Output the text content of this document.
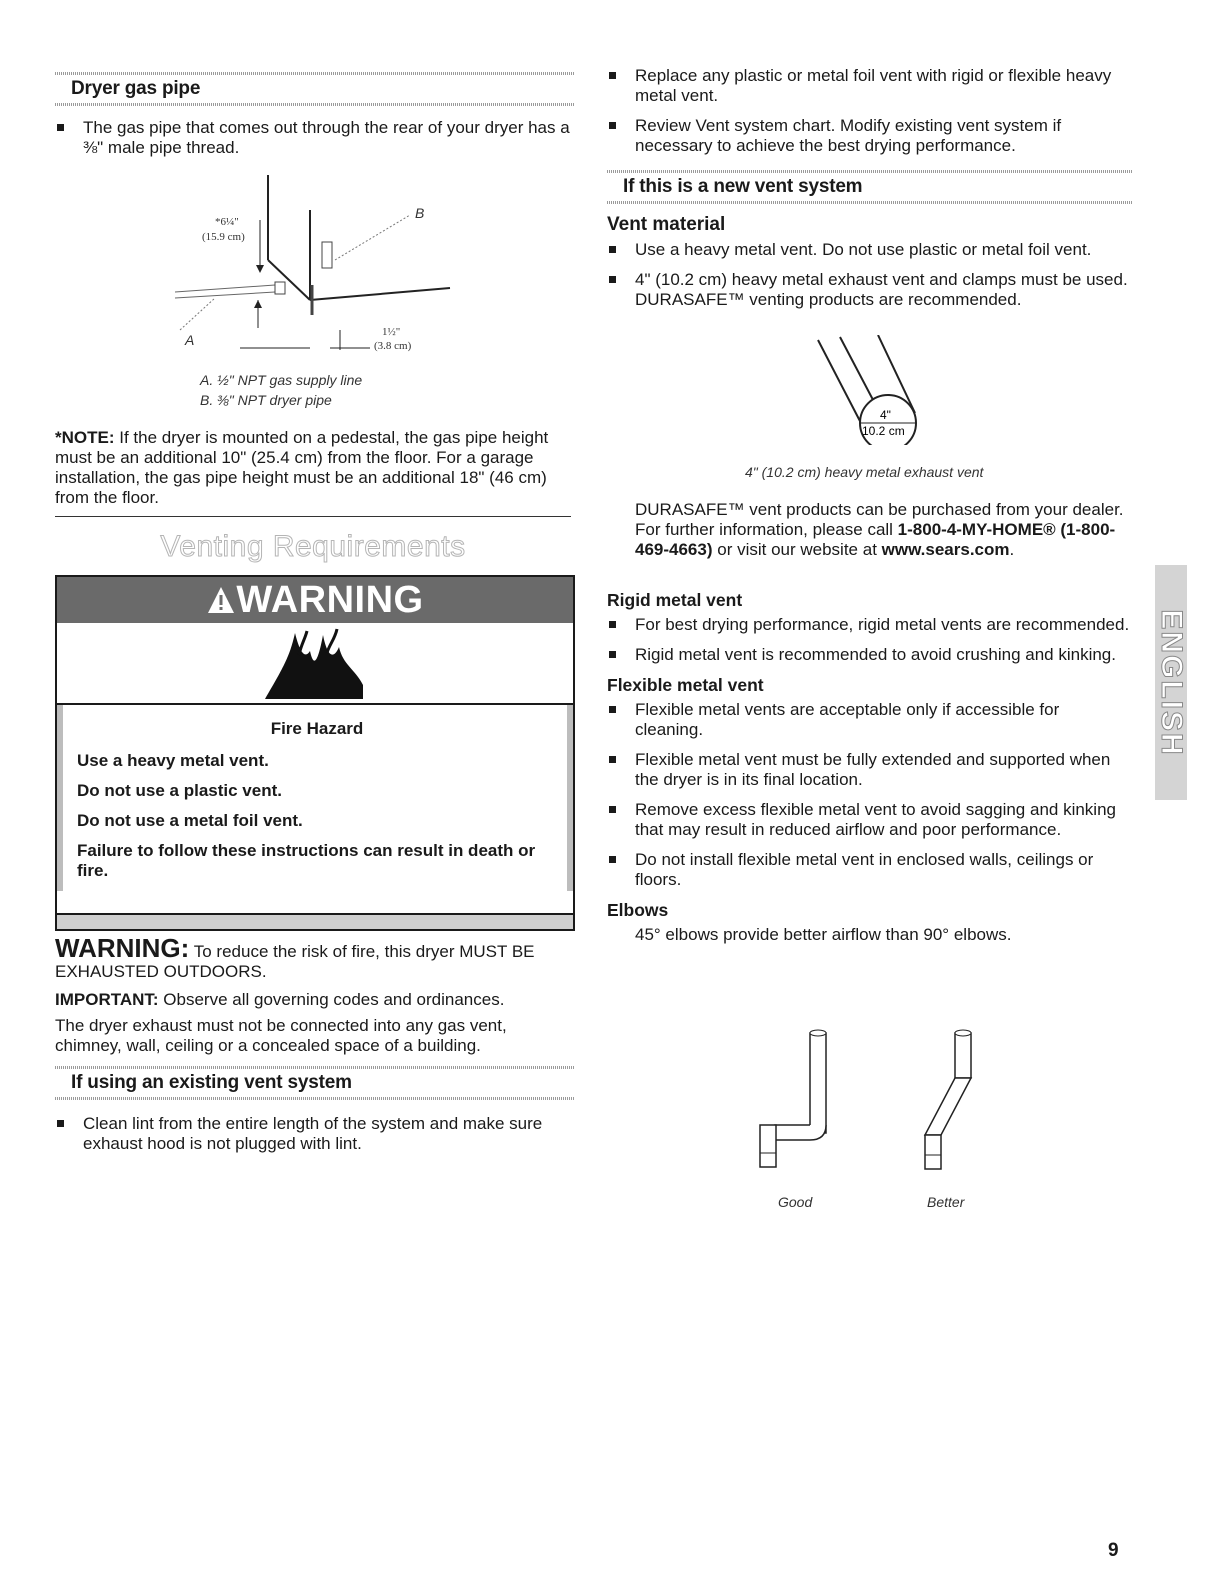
Dryer gas pipe
The gas pipe that comes out through the rear of your dryer has a ⅜" male pipe thread.
A
B
*6¼"
(15.9 cm)
1½"
(3.8 cm)
A. ½" NPT gas supply line
B. ⅜" NPT dryer pipe
*NOTE: If the dryer is mounted on a pedestal, the gas pipe height must be an additional 10" (25.4 cm) from the floor. For a garage installation, the gas pipe height must be an additional 18" (46 cm) from the floor.
Venting Requirements
WARNING
Fire Hazard
Use a heavy metal vent.
Do not use a plastic vent.
Do not use a metal foil vent.
Failure to follow these instructions can result in death or fire.
WARNING: To reduce the risk of fire, this dryer MUST BE EXHAUSTED OUTDOORS.
IMPORTANT: Observe all governing codes and ordinances.
The dryer exhaust must not be connected into any gas vent, chimney, wall, ceiling or a concealed space of a building.
If using an existing vent system
Clean lint from the entire length of the system and make sure exhaust hood is not plugged with lint.
Replace any plastic or metal foil vent with rigid or flexible heavy metal vent.
Review Vent system chart. Modify existing vent system if necessary to achieve the best drying performance.
If this is a new vent system
Vent material
Use a heavy metal vent. Do not use plastic or metal foil vent.
4" (10.2 cm) heavy metal exhaust vent and clamps must be used. DURASAFE™ venting products are recommended.
4"
10.2 cm
4" (10.2 cm) heavy metal exhaust vent
DURASAFE™ vent products can be purchased from your dealer. For further information, please call 1-800-4-MY-HOME® (1-800-469-4663) or visit our website at www.sears.com.
Rigid metal vent
For best drying performance, rigid metal vents are recommended.
Rigid metal vent is recommended to avoid crushing and kinking.
Flexible metal vent
Flexible metal vents are acceptable only if accessible for cleaning.
Flexible metal vent must be fully extended and supported when the dryer is in its final location.
Remove excess flexible metal vent to avoid sagging and kinking that may result in reduced airflow and poor performance.
Do not install flexible metal vent in enclosed walls, ceilings or floors.
Elbows
45° elbows provide better airflow than 90° elbows.
Good	Better
ENGLISH
9
